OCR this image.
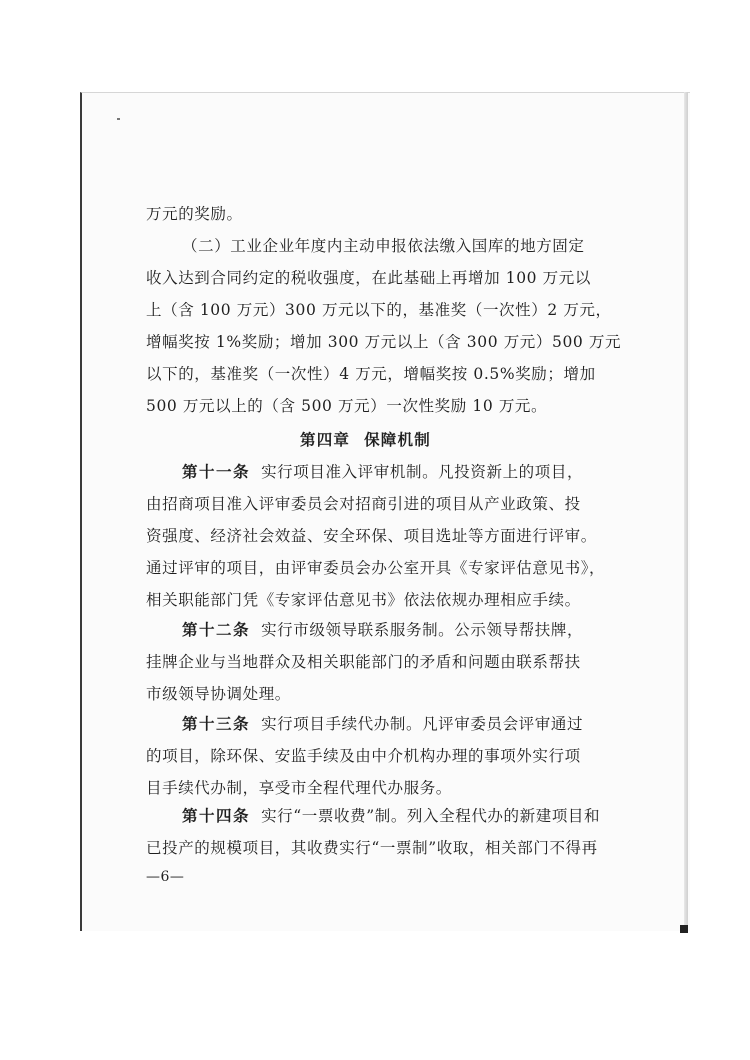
万元的奖励。
（二）工业企业年度内主动申报依法缴入国库的地方固定
收入达到合同约定的税收强度，在此基础上再增加 100 万元以
上（含 100 万元）300 万元以下的，基准奖（一次性）2 万元，
增幅奖按 1%奖励；增加 300 万元以上（含 300 万元）500 万元
以下的，基准奖（一次性）4 万元，增幅奖按 0.5%奖励；增加
500 万元以上的（含 500 万元）一次性奖励 10 万元。
第十一条 实行项目准入评审机制。凡投资新上的项目，
由招商项目准入评审委员会对招商引进的项目从产业政策、投
资强度、经济社会效益、安全环保、项目选址等方面进行评审。
通过评审的项目，由评审委员会办公室开具《专家评估意见书》，
相关职能部门凭《专家评估意见书》依法依规办理相应手续。
第十二条 实行市级领导联系服务制。公示领导帮扶牌，
挂牌企业与当地群众及相关职能部门的矛盾和问题由联系帮扶
市级领导协调处理。
第十三条 实行项目手续代办制。凡评审委员会评审通过
的项目，除环保、安监手续及由中介机构办理的事项外实行项
目手续代办制，享受市全程代理代办服务。
第十四条 实行“一票收费”制。列入全程代办的新建项目和
已投产的规模项目，其收费实行“一票制”收取，相关部门不得再
第四章 保障机制
—6—
